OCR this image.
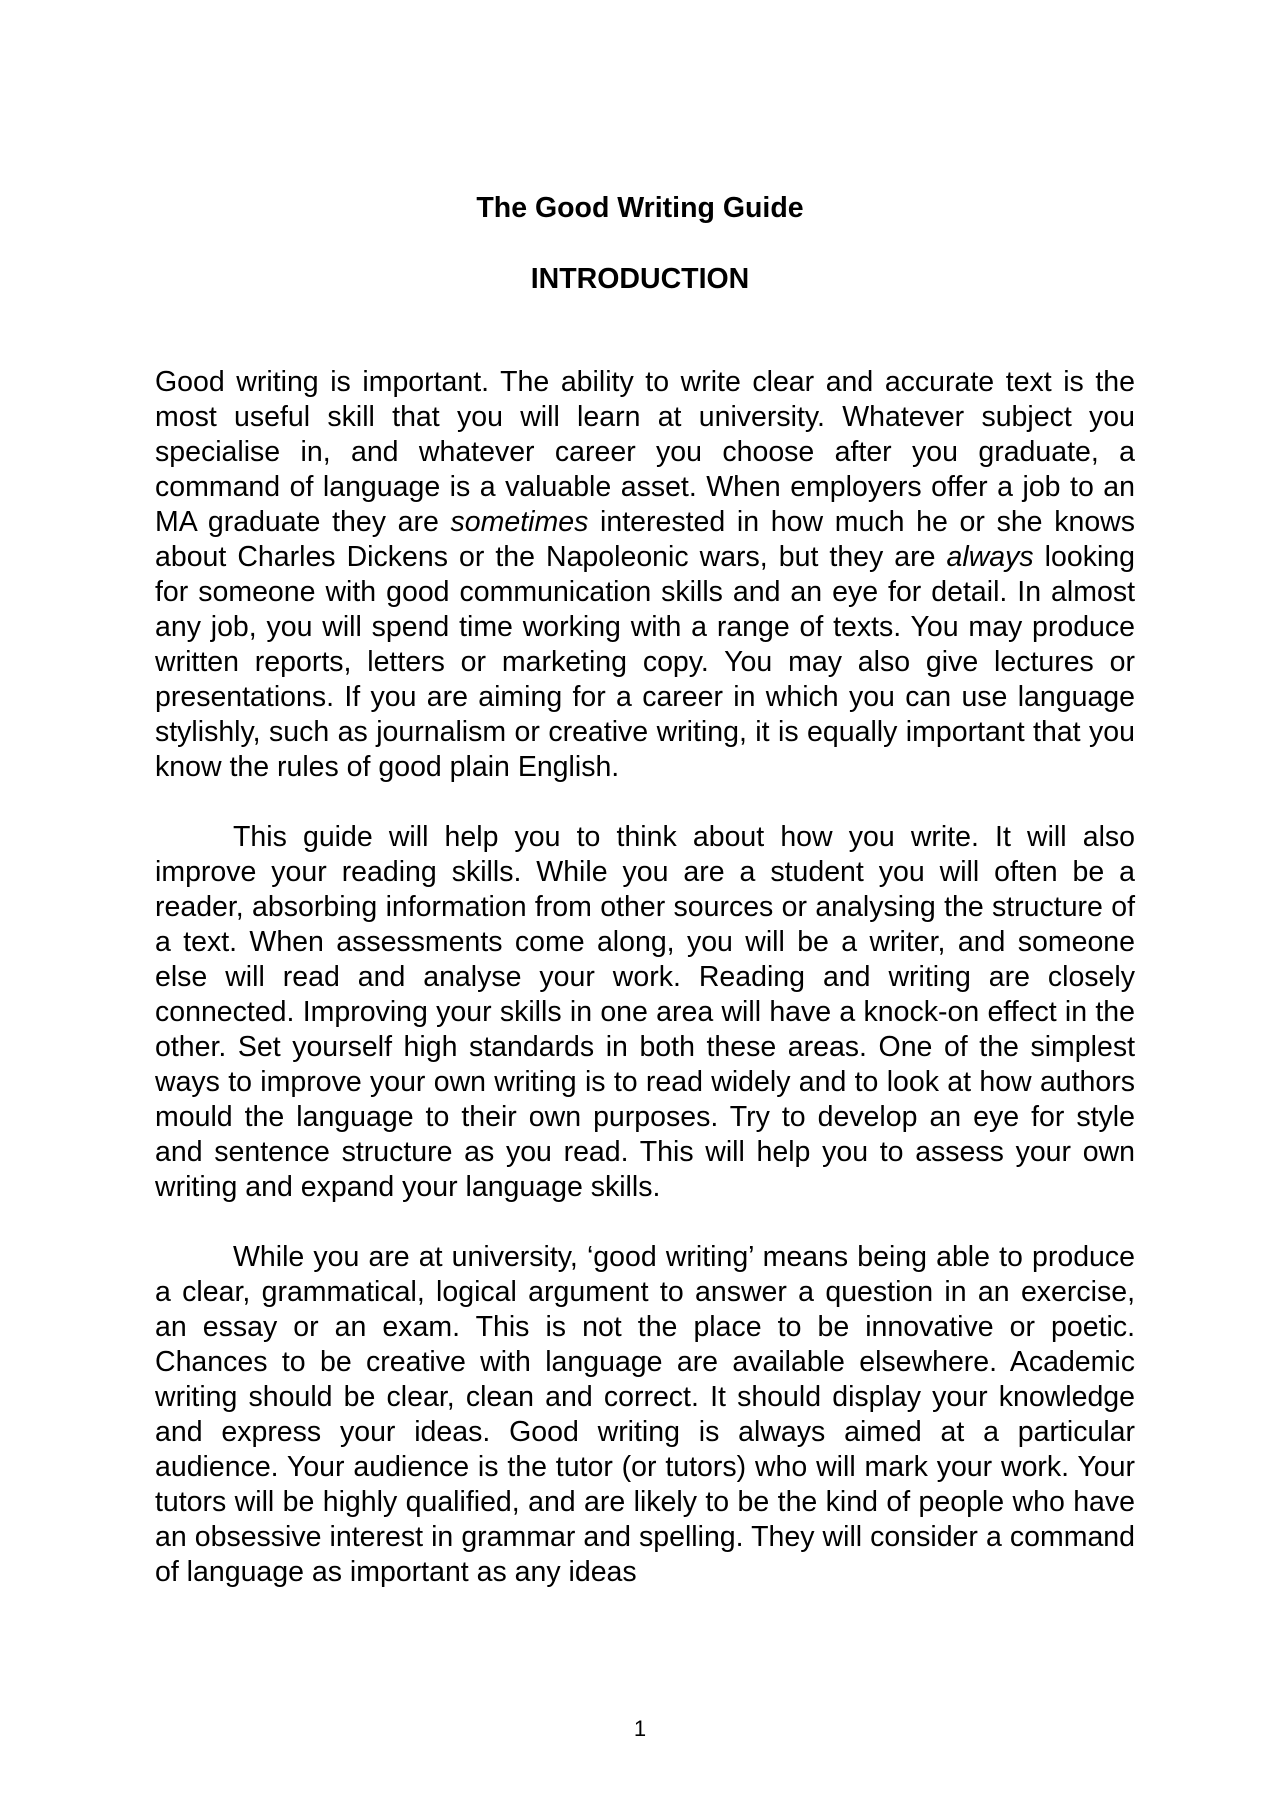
The Good Writing Guide
INTRODUCTION

Good writing is important. The ability to write clear and accurate text is the most useful skill that you will learn at university. Whatever subject you specialise in, and whatever career you choose after you graduate, a command of language is a valuable asset. When employers offer a job to an MA graduate they are sometimes interested in how much he or she knows about Charles Dickens or the Napoleonic wars, but they are always looking for someone with good communication skills and an eye for detail. In almost any job, you will spend time working with a range of texts. You may produce written reports, letters or marketing copy. You may also give lectures or presentations. If you are aiming for a career in which you can use language stylishly, such as journalism or creative writing, it is equally important that you know the rules of good plain English.

This guide will help you to think about how you write. It will also improve your reading skills. While you are a student you will often be a reader, absorbing information from other sources or analysing the structure of a text. When assessments come along, you will be a writer, and someone else will read and analyse your work. Reading and writing are closely connected. Improving your skills in one area will have a knock-on effect in the other. Set yourself high standards in both these areas. One of the simplest ways to improve your own writing is to read widely and to look at how authors mould the language to their own purposes. Try to develop an eye for style and sentence structure as you read. This will help you to assess your own writing and expand your language skills.

While you are at university, ‘good writing’ means being able to produce a clear, grammatical, logical argument to answer a question in an exercise, an essay or an exam. This is not the place to be innovative or poetic. Chances to be creative with language are available elsewhere. Academic writing should be clear, clean and correct. It should display your knowledge and express your ideas. Good writing is always aimed at a particular audience. Your audience is the tutor (or tutors) who will mark your work. Your tutors will be highly qualified, and are likely to be the kind of people who have an obsessive interest in grammar and spelling. They will consider a command of language as important as any ideas

1
